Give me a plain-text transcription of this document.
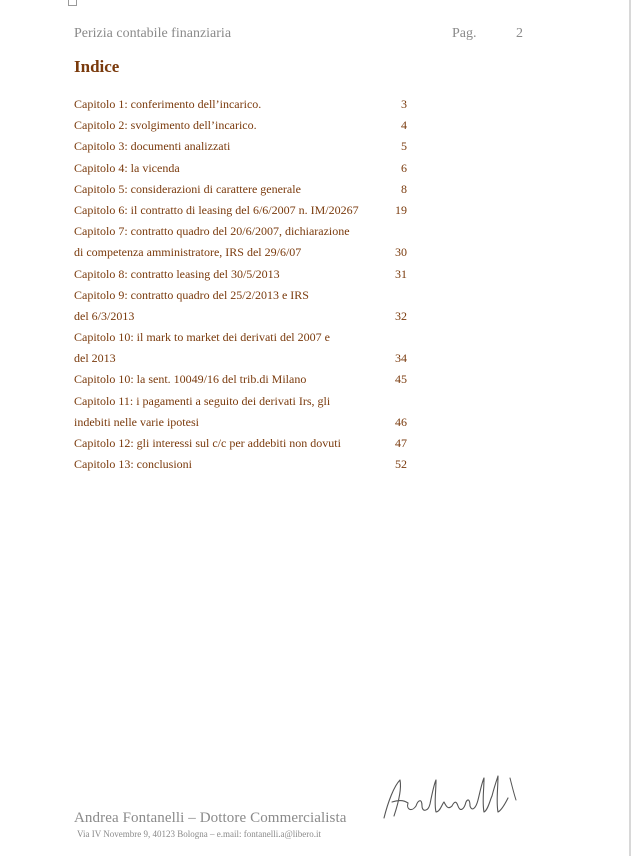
Perizia contabile finanziaria	Pag.	2
Indice
Capitolo 1: conferimento dell’incarico.	3
Capitolo 2: svolgimento dell’incarico.	4
Capitolo 3: documenti analizzati	5
Capitolo 4: la vicenda	6
Capitolo 5: considerazioni di carattere generale	8
Capitolo 6: il contratto di leasing del 6/6/2007 n. IM/20267	19
Capitolo 7: contratto quadro del 20/6/2007, dichiarazione
di competenza amministratore, IRS del 29/6/07	30
Capitolo 8: contratto leasing del 30/5/2013	31
Capitolo 9: contratto quadro del 25/2/2013 e IRS
del 6/3/2013	32
Capitolo 10: il mark to market dei derivati del 2007 e
del 2013	34
Capitolo 10: la sent. 10049/16 del trib.di Milano	45
Capitolo 11: i pagamenti a seguito dei derivati Irs, gli
indebiti nelle varie ipotesi	46
Capitolo 12: gli interessi sul c/c per addebiti non dovuti	47
Capitolo 13: conclusioni	52
Andrea Fontanelli – Dottore Commercialista
Via IV Novembre 9, 40123 Bologna – e.mail: fontanelli.a@libero.it
